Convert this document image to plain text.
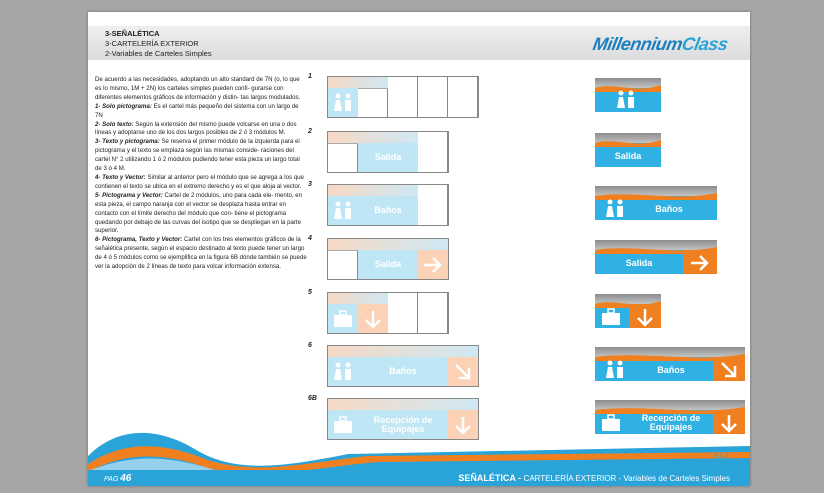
3-SEÑALÉTICA
3-CARTELERÍA EXTERIOR
2-Variables de Carteles Simples	MillenniumClass

De acuerdo a las necesidades, adoptando un alto standard de 7N (o, lo que es lo mismo, 1M + 2N) los carteles simples pueden confi- gurarse con diferentes elementos gráficos de información y distin- tas largos modulados.

1- Solo pictograma: Es el cartel más pequeño del sistema con un largo de 7N

2- Solo texto: Según la extensión del mismo puede volcarse en una o dos líneas y adoptarse uno de los dos largos posibles de 2 ó 3 módulos M.

3- Texto y pictograma: Se reserva el primer módulo de la izquierda para el pictograma y el texto se emplaza según las mismas conside- raciones del cartel N° 2 utilizando 1 ó 2 módulos pudiendo tener esta pieza un largo total de 3 ó 4 M.

4- Texto y Vector: Similar al anterior pero el módulo que se agrega a los que contienen el texto se ubica en el extremo derecho y es el que aloja al vector.

5- Pictograma y Vector: Cartel de 2 módulos, uno para cada ele- mento, en esta pieza, el campo naranja con el vector se desplaza hasta entrar en contacto con el límite derecho del módulo que con- tiene el pictograma quedando por debajo de las curvas del isotipo que se despliegan en la parte superior.

6- Pictograma, Texto y Vector: Cartel con los tres elementos gráficos de la señalética presente, según el espacio destinado al texto puede tener un largo de 4 ó 5 módulos como se ejemplifica en la figura 6B dónde también se puede ver la adopción de 2 líneas de texto para volcar información extensa.

1
2
Salida	Salida
3
Baños	Baños
4
Salida	Salida
5
6
Baños	Baños
6B
Recepción de Equipajes
Recepción de Equipajes
3-3-2
PAG 46	SEÑALÉTICA - CARTELERÍA EXTERIOR - Variables de Carteles Simples
